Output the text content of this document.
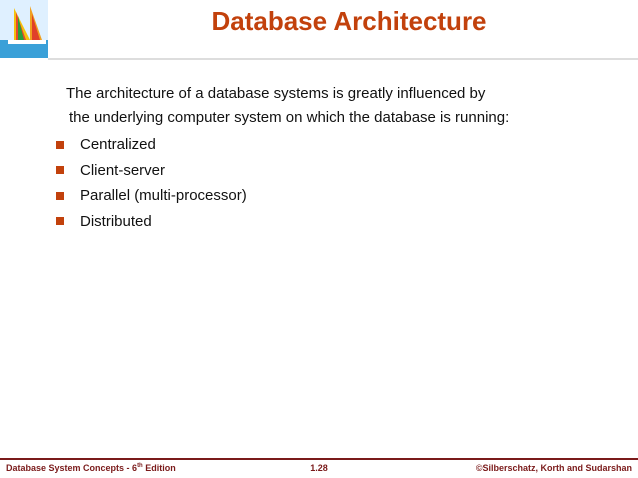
Database Architecture
The architecture of a database systems is greatly influenced by
the underlying computer system on which the database is running:
Centralized
Client-server
Parallel (multi-processor)
Distributed
Database System Concepts - 6th Edition	1.28	©Silberschatz, Korth and Sudarshan
